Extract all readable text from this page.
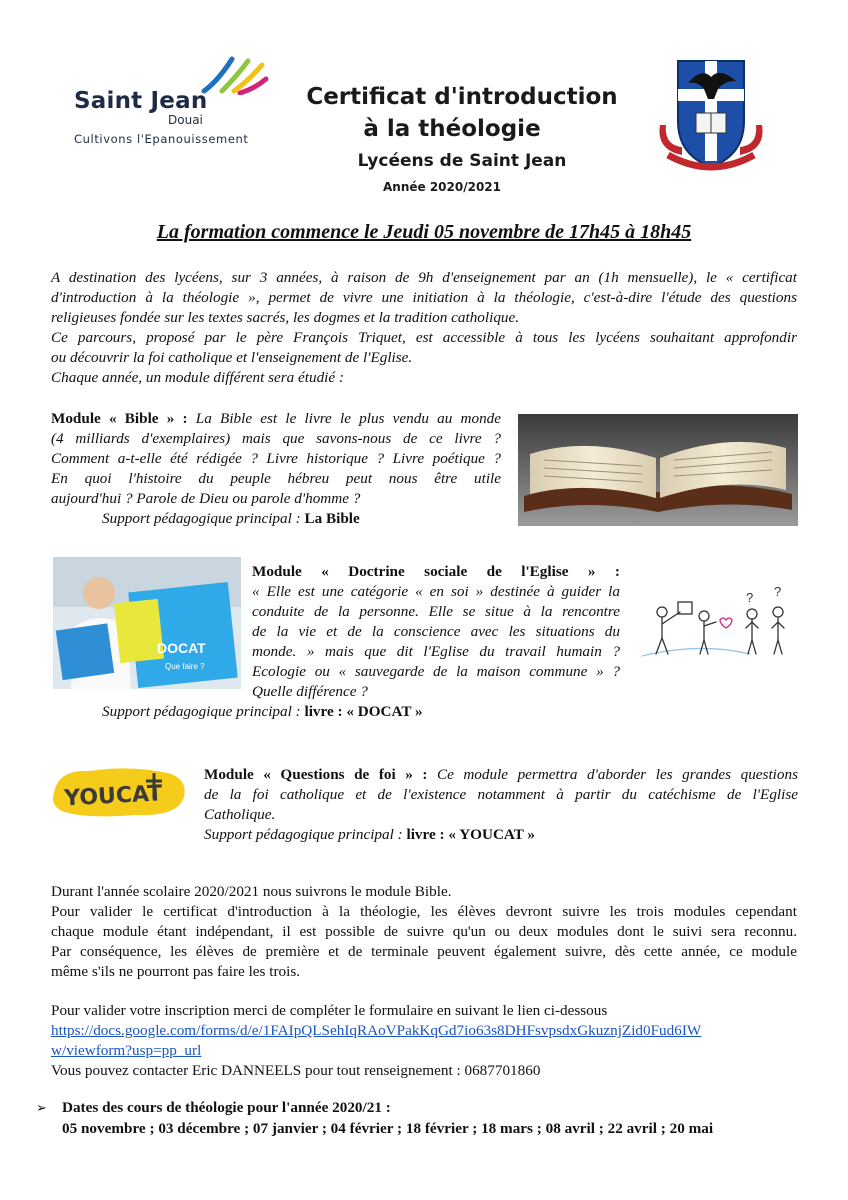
Saint Jean
Douai
Cultivons l'Epanouissement
Certificat d'introduction
à la théologie
Lycéens de Saint Jean
Année 2020/2021
La formation commence le Jeudi 05 novembre de 17h45 à 18h45
A destination des lycéens, sur 3 années, à raison de 9h d'enseignement par an (1h mensuelle), le « certificat
d'introduction à la théologie », permet de vivre une initiation à la théologie, c'est-à-dire l'étude des questions
religieuses fondée sur les textes sacrés, les dogmes et la tradition catholique.
Ce parcours, proposé par le père François Triquet, est accessible à tous les lycéens souhaitant approfondir
ou découvrir la foi catholique et l'enseignement de l'Eglise.
Chaque année, un module différent sera étudié :
Module « Bible » : La Bible est le livre le plus vendu au monde
(4 milliards d'exemplaires) mais que savons-nous de ce livre ?
Comment a-t-elle été rédigée ? Livre historique ? Livre poétique ?
En quoi l'histoire du peuple hébreu peut nous être utile
aujourd'hui ? Parole de Dieu ou parole d'homme ?
Support pédagogique principal : La Bible
DOCAT
Que faire ?
Module « Doctrine sociale de l'Eglise » :
« Elle est une catégorie « en soi » destinée à guider la
conduite de la personne. Elle se situe à la rencontre
de la vie et de la conscience avec les situations du
monde. » mais que dit l'Eglise du travail humain ?
Ecologie ou « sauvegarde de la maison commune » ?
Quelle différence ?
Support pédagogique principal : livre : « DOCAT »
? ?
YOUCAT
Module « Questions de foi » : Ce module permettra d'aborder les grandes questions
de la foi catholique et de l'existence notamment à partir du catéchisme de l'Eglise
Catholique.
Support pédagogique principal : livre : « YOUCAT »
Durant l'année scolaire 2020/2021 nous suivrons le module Bible.
Pour valider le certificat d'introduction à la théologie, les élèves devront suivre les trois modules cependant
chaque module étant indépendant, il est possible de suivre qu'un ou deux modules dont le suivi sera reconnu.
Par conséquence, les élèves de première et de terminale peuvent également suivre, dès cette année, ce module
même s'ils ne pourront pas faire les trois.
Pour valider votre inscription merci de compléter le formulaire en suivant le lien ci-dessous
https://docs.google.com/forms/d/e/1FAIpQLSehIqRAoVPakKqGd7io63s8DHFsvpsdxGkuznjZid0Fud6IW
w/viewform?usp=pp_url
Vous pouvez contacter Eric DANNEELS pour tout renseignement : 0687701860
➢ Dates des cours de théologie pour l'année 2020/21 :
05 novembre ; 03 décembre ; 07 janvier ; 04 février ; 18 février ; 18 mars ; 08 avril ; 22 avril ; 20 mai
